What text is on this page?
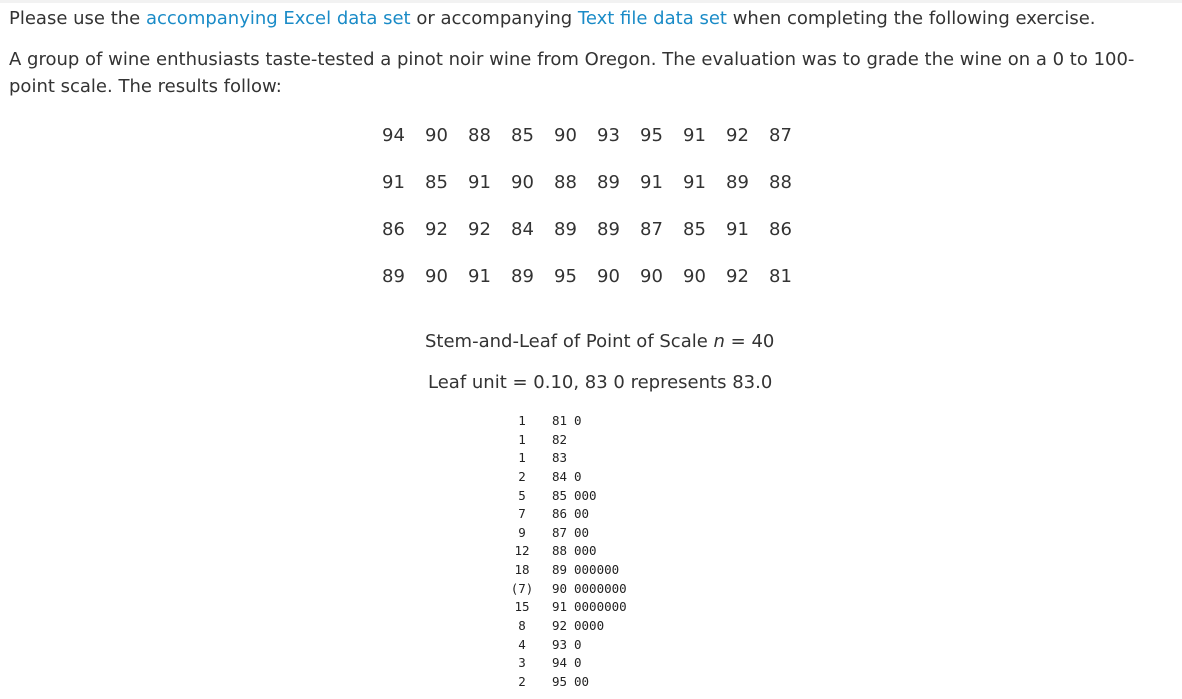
Please use the accompanying Excel data set or accompanying Text file data set when completing the following exercise.

A group of wine enthusiasts taste-tested a pinot noir wine from Oregon. The evaluation was to grade the wine on a 0 to 100-point scale. The results follow:

94	90	88	85	90	93	95	91	92	87
91	85	91	90	88	89	91	91	89	88
86	92	92	84	89	89	87	85	91	86
89	90	91	89	95	90	90	90	92	81

Stem-and-Leaf of Point of Scale n = 40

Leaf unit = 0.10, 83 0 represents 83.0

1	81 0
1	82
1	83
2	84 0
5	85 000
7	86 00
9	87 00
12	88 000
18	89 000000
(7)	90 0000000
15	91 0000000
8	92 0000
4	93 0
3	94 0
2	95 00
